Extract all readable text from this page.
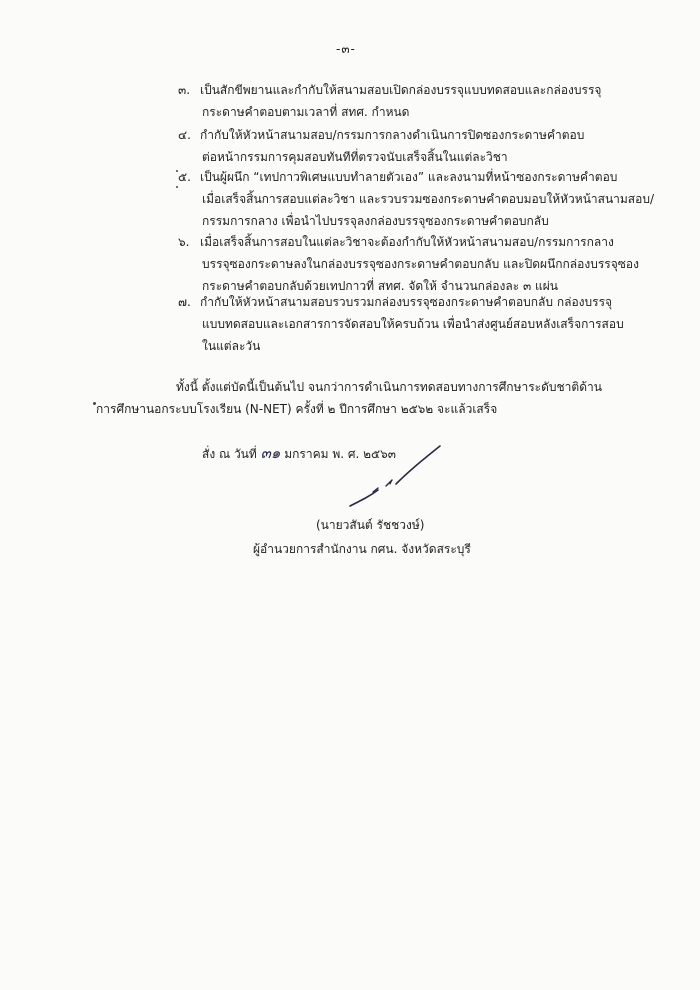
-๓-
๓. เป็นสักขีพยานและกำกับให้สนามสอบเปิดกล่องบรรจุแบบทดสอบและกล่องบรรจุ
กระดาษคำตอบตามเวลาที่ สทศ. กำหนด
๔. กำกับให้หัวหน้าสนามสอบ/กรรมการกลางดำเนินการปิดซองกระดาษคำตอบ
ต่อหน้ากรรมการคุมสอบทันทีที่ตรวจนับเสร็จสิ้นในแต่ละวิชา
๕. เป็นผู้ผนึก “เทปกาวพิเศษแบบทำลายตัวเอง” และลงนามที่หน้าซองกระดาษคำตอบ
เมื่อเสร็จสิ้นการสอบแต่ละวิชา และรวบรวมซองกระดาษคำตอบมอบให้หัวหน้าสนามสอบ/
กรรมการกลาง เพื่อนำไปบรรจุลงกล่องบรรจุซองกระดาษคำตอบกลับ
๖. เมื่อเสร็จสิ้นการสอบในแต่ละวิชาจะต้องกำกับให้หัวหน้าสนามสอบ/กรรมการกลาง
บรรจุซองกระดาษลงในกล่องบรรจุซองกระดาษคำตอบกลับ และปิดผนึกกล่องบรรจุซอง
กระดาษคำตอบกลับด้วยเทปกาวที่ สทศ. จัดให้ จำนวนกล่องละ ๓ แผ่น
๗. กำกับให้หัวหน้าสนามสอบรวบรวมกล่องบรรจุซองกระดาษคำตอบกลับ กล่องบรรจุ
แบบทดสอบและเอกสารการจัดสอบให้ครบถ้วน เพื่อนำส่งศูนย์สอบหลังเสร็จการสอบ
ในแต่ละวัน
ทั้งนี้ ตั้งแต่บัดนี้เป็นต้นไป จนกว่าการดำเนินการทดสอบทางการศึกษาระดับชาติด้าน
การศึกษานอกระบบโรงเรียน (N-NET) ครั้งที่ ๒ ปีการศึกษา ๒๕๖๒ จะแล้วเสร็จ
สั่ง ณ วันที่ ๓๑ มกราคม พ. ศ. ๒๕๖๓
(นายวสันต์ รัชชวงษ์)
ผู้อำนวยการสำนักงาน กศน. จังหวัดสระบุรี
